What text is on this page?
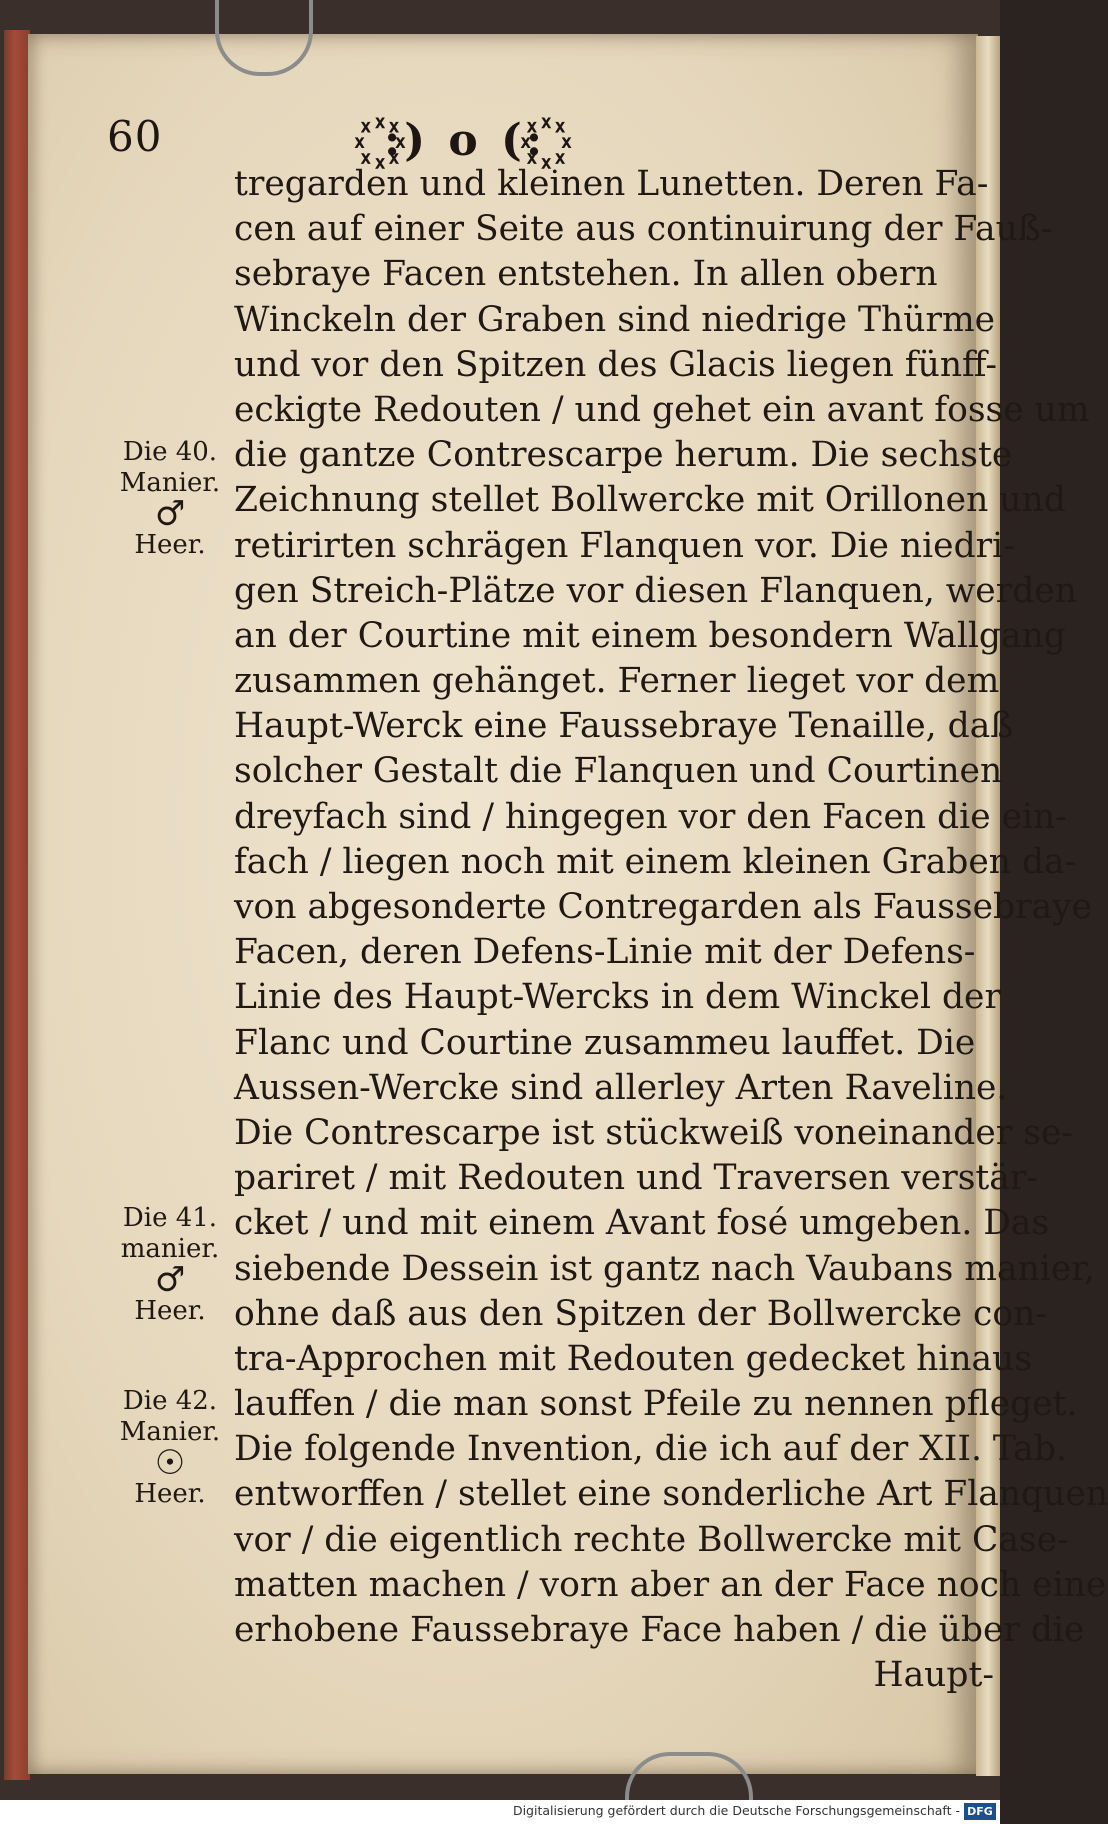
60	꙰:) o (:꙰
tregarden und kleinen Lunetten. Deren Fa-
cen auf einer Seite aus continuirung der Fauß-
sebraye Facen entstehen. In allen obern
Winckeln der Graben sind niedrige Thürme
und vor den Spitzen des Glacis liegen fünff-
eckigte Redouten / und gehet ein avant fosse um
die gantze Contrescarpe herum. Die sechste
Zeichnung stellet Bollwercke mit Orillonen und
retirirten schrägen Flanquen vor. Die niedri-
gen Streich-Plätze vor diesen Flanquen, werden
an der Courtine mit einem besondern Wallgang
zusammen gehänget. Ferner lieget vor dem
Haupt-Werck eine Faussebraye Tenaille, daß
solcher Gestalt die Flanquen und Courtinen
dreyfach sind / hingegen vor den Facen die ein-
fach / liegen noch mit einem kleinen Graben da-
von abgesonderte Contregarden als Faussebraye
Facen, deren Defens-Linie mit der Defens-
Linie des Haupt-Wercks in dem Winckel der
Flanc und Courtine zusammeu lauffet. Die
Aussen-Wercke sind allerley Arten Raveline.
Die Contrescarpe ist stückweiß voneinander se-
pariret / mit Redouten und Traversen verstär-
cket / und mit einem Avant fosé umgeben. Das
siebende Dessein ist gantz nach Vaubans manier,
ohne daß aus den Spitzen der Bollwercke con-
tra-Approchen mit Redouten gedecket hinaus
lauffen / die man sonst Pfeile zu nennen pfleget.
Die folgende Invention, die ich auf der XII. Tab.
entworffen / stellet eine sonderliche Art Flanquen
vor / die eigentlich rechte Bollwercke mit Case-
matten machen / vorn aber an der Face noch eine
erhobene Faussebraye Face haben / die über die
Haupt-
Die 40.
Manier.
♂
Heer.
Die 41.
manier.
♂
Heer.
Die 42.
Manier.
☉
Heer.
Digitalisierung gefördert durch die Deutsche Forschungsgemeinschaft - DFG
